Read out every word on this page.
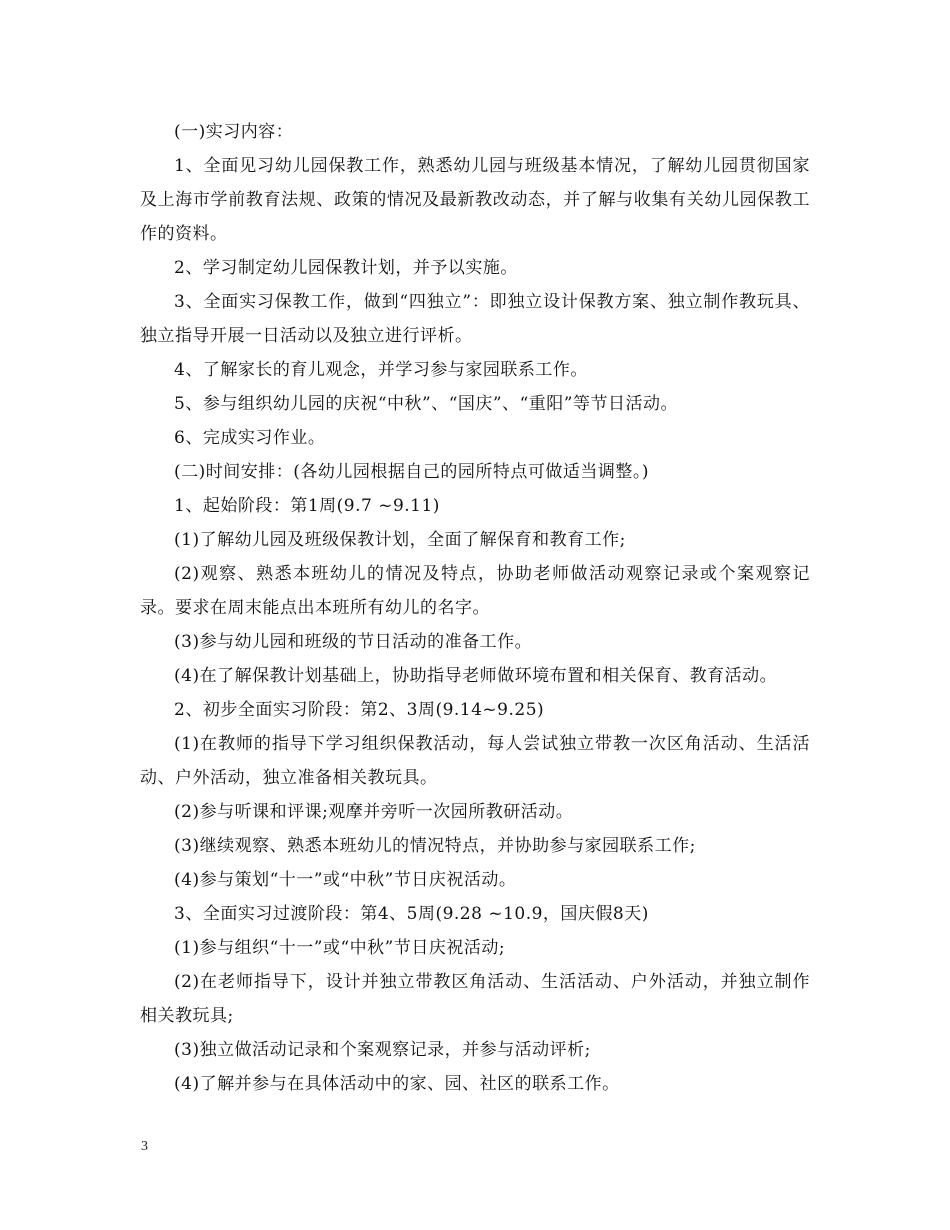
(一)实习内容：

1、全面见习幼儿园保教工作，熟悉幼儿园与班级基本情况，了解幼儿园贯彻国家及上海市学前教育法规、政策的情况及最新教改动态，并了解与收集有关幼儿园保教工作的资料。

2、学习制定幼儿园保教计划，并予以实施。

3、全面实习保教工作，做到“四独立”：即独立设计保教方案、独立制作教玩具、独立指导开展一日活动以及独立进行评析。

4、了解家长的育儿观念，并学习参与家园联系工作。

5、参与组织幼儿园的庆祝“中秋”、“国庆”、“重阳”等节日活动。

6、完成实习作业。

(二)时间安排：(各幼儿园根据自己的园所特点可做适当调整。)

1、起始阶段：第1周(9.7 ~9.11)

(1)了解幼儿园及班级保教计划，全面了解保育和教育工作;

(2)观察、熟悉本班幼儿的情况及特点，协助老师做活动观察记录或个案观察记录。要求在周末能点出本班所有幼儿的名字。

(3)参与幼儿园和班级的节日活动的准备工作。

(4)在了解保教计划基础上，协助指导老师做环境布置和相关保育、教育活动。

2、初步全面实习阶段：第2、3周(9.14~9.25)

(1)在教师的指导下学习组织保教活动，每人尝试独立带教一次区角活动、生活活动、户外活动，独立准备相关教玩具。

(2)参与听课和评课;观摩并旁听一次园所教研活动。

(3)继续观察、熟悉本班幼儿的情况特点，并协助参与家园联系工作;

(4)参与策划“十一”或“中秋”节日庆祝活动。

3、全面实习过渡阶段：第4、5周(9.28 ~10.9，国庆假8天)

(1)参与组织“十一”或“中秋”节日庆祝活动;

(2)在老师指导下，设计并独立带教区角活动、生活活动、户外活动，并独立制作相关教玩具;

(3)独立做活动记录和个案观察记录，并参与活动评析;

(4)了解并参与在具体活动中的家、园、社区的联系工作。

3
